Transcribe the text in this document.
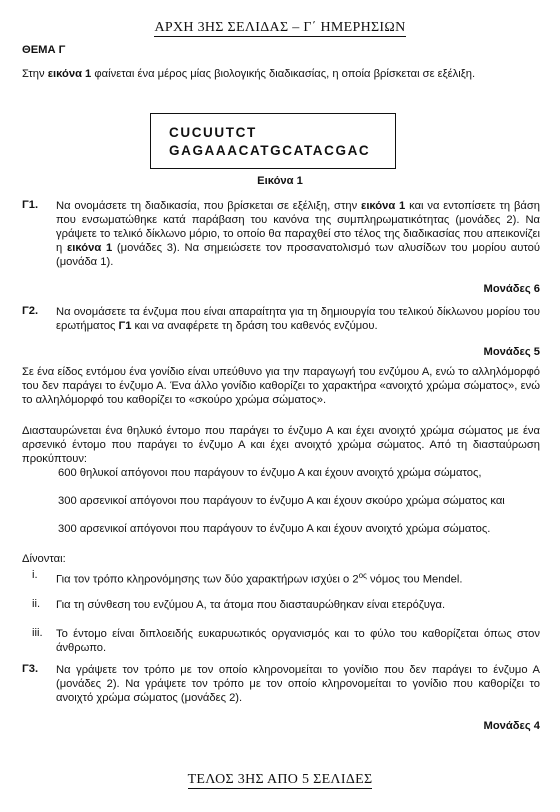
ΑΡΧΗ 3ΗΣ ΣΕΛΙΔΑΣ – Γ΄ ΗΜΕΡΗΣΙΩΝ
ΘΕΜΑ Γ
Στην εικόνα 1 φαίνεται ένα μέρος μίας βιολογικής διαδικασίας, η οποία βρίσκεται σε εξέλιξη.
CUCUUTCT
GAGAAACATGCATACGAC
Εικόνα 1
Γ1. Να ονομάσετε τη διαδικασία, που βρίσκεται σε εξέλιξη, στην εικόνα 1 και να εντοπίσετε τη βάση που ενσωματώθηκε κατά παράβαση του κανόνα της συμπληρωματικότητας (μονάδες 2). Να γράψετε το τελικό δίκλωνο μόριο, το οποίο θα παραχθεί στο τέλος της διαδικασίας που απεικονίζει η εικόνα 1 (μονάδες 3). Να σημειώσετε τον προσανατολισμό των αλυσίδων του μορίου αυτού (μονάδα 1).
Μονάδες 6
Γ2. Να ονομάσετε τα ένζυμα που είναι απαραίτητα για τη δημιουργία του τελικού δίκλωνου μορίου του ερωτήματος Γ1 και να αναφέρετε τη δράση του καθενός ενζύμου.
Μονάδες 5
Σε ένα είδος εντόμου ένα γονίδιο είναι υπεύθυνο για την παραγωγή του ενζύμου Α, ενώ το αλληλόμορφό του δεν παράγει το ένζυμο Α. Ένα άλλο γονίδιο καθορίζει το χαρακτήρα «ανοιχτό χρώμα σώματος», ενώ το αλληλόμορφό του καθορίζει το «σκούρο χρώμα σώματος».
Διασταυρώνεται ένα θηλυκό έντομο που παράγει το ένζυμο Α και έχει ανοιχτό χρώμα σώματος με ένα αρσενικό έντομο που παράγει το ένζυμο Α και έχει ανοιχτό χρώμα σώματος. Από τη διασταύρωση προκύπτουν:
600 θηλυκοί απόγονοι που παράγουν το ένζυμο Α και έχουν ανοιχτό χρώμα σώματος,
300 αρσενικοί απόγονοι που παράγουν το ένζυμο Α και έχουν σκούρο χρώμα σώματος και
300 αρσενικοί απόγονοι που παράγουν το ένζυμο Α και έχουν ανοιχτό χρώμα σώματος.
Δίνονται:
i. Για τον τρόπο κληρονόμησης των δύο χαρακτήρων ισχύει ο $2^{o\varsigma}$ νόμος του Mendel.
ii. Για τη σύνθεση του ενζύμου Α, τα άτομα που διασταυρώθηκαν είναι ετερόζυγα.
iii. Το έντομο είναι διπλοειδής ευκαρυωτικός οργανισμός και το φύλο του καθορίζεται όπως στον άνθρωπο.
Γ3. Να γράψετε τον τρόπο με τον οποίο κληρονομείται το γονίδιο που δεν παράγει το ένζυμο Α (μονάδες 2). Να γράψετε τον τρόπο με τον οποίο κληρονομείται το γονίδιο που καθορίζει το ανοιχτό χρώμα σώματος (μονάδες 2).
Μονάδες 4
ΤΕΛΟΣ 3ΗΣ ΑΠΟ 5 ΣΕΛΙΔΕΣ
